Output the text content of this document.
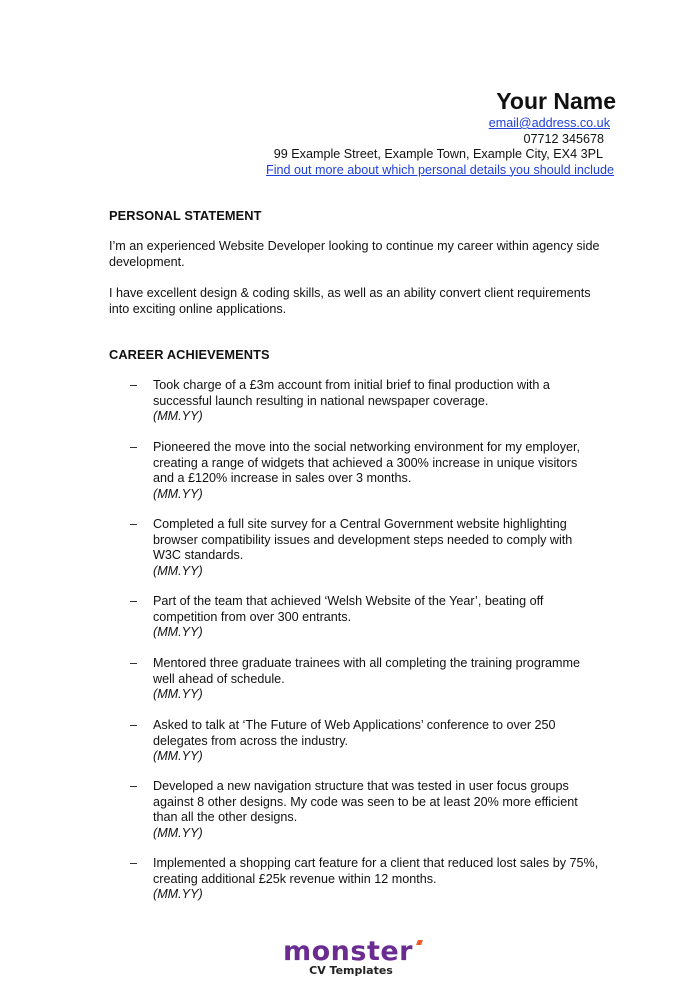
Your Name
email@address.co.uk
07712 345678
99 Example Street, Example Town, Example City, EX4 3PL
Find out more about which personal details you should include
PERSONAL STATEMENT
I’m an experienced Website Developer looking to continue my career within agency side development.
I have excellent design & coding skills, as well as an ability convert client requirements into exciting online applications.
CAREER ACHIEVEMENTS
– Took charge of a £3m account from initial brief to final production with a successful launch resulting in national newspaper coverage.
(MM.YY)
– Pioneered the move into the social networking environment for my employer, creating a range of widgets that achieved a 300% increase in unique visitors and a £120% increase in sales over 3 months.
(MM.YY)
– Completed a full site survey for a Central Government website highlighting browser compatibility issues and development steps needed to comply with W3C standards.
(MM.YY)
– Part of the team that achieved ‘Welsh Website of the Year’, beating off competition from over 300 entrants.
(MM.YY)
– Mentored three graduate trainees with all completing the training programme well ahead of schedule.
(MM.YY)
– Asked to talk at ‘The Future of Web Applications’ conference to over 250 delegates from across the industry.
(MM.YY)
– Developed a new navigation structure that was tested in user focus groups against 8 other designs. My code was seen to be at least 20% more efficient than all the other designs.
(MM.YY)
– Implemented a shopping cart feature for a client that reduced lost sales by 75%, creating additional £25k revenue within 12 months.
(MM.YY)
monster
CV Templates
